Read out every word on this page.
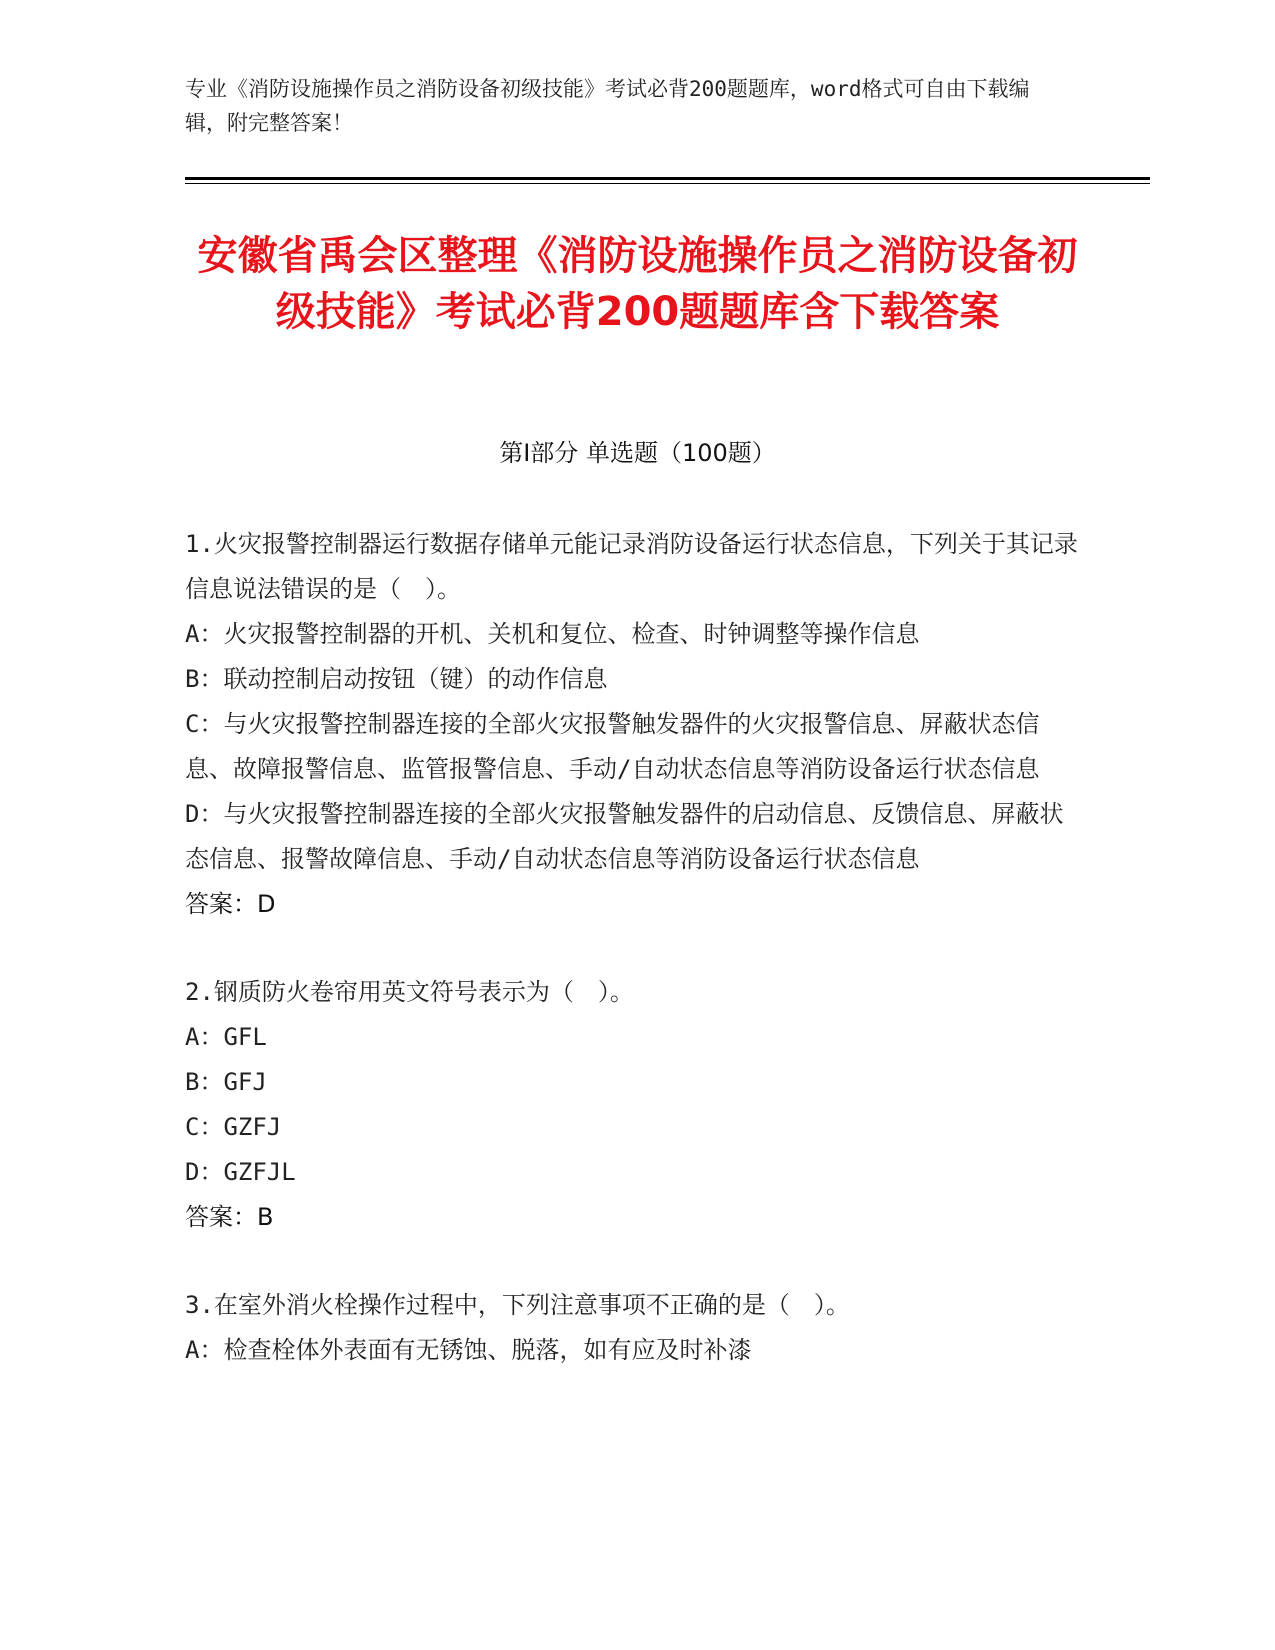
专业《消防设施操作员之消防设备初级技能》考试必背200题题库，word格式可自由下载编辑，附完整答案！
安徽省禹会区整理《消防设施操作员之消防设备初级技能》考试必背200题题库含下载答案
第Ⅰ部分 单选题（100题）

1.火灾报警控制器运行数据存储单元能记录消防设备运行状态信息，下列关于其记录信息说法错误的是（　）。

A：火灾报警控制器的开机、关机和复位、检查、时钟调整等操作信息

B：联动控制启动按钮（键）的动作信息

C：与火灾报警控制器连接的全部火灾报警触发器件的火灾报警信息、屏蔽状态信息、故障报警信息、监管报警信息、手动/自动状态信息等消防设备运行状态信息

D：与火灾报警控制器连接的全部火灾报警触发器件的启动信息、反馈信息、屏蔽状态信息、报警故障信息、手动/自动状态信息等消防设备运行状态信息

答案：D

2.钢质防火卷帘用英文符号表示为（　）。

A：GFL

B：GFJ

C：GZFJ

D：GZFJL

答案：B

3.在室外消火栓操作过程中，下列注意事项不正确的是（　）。

A：检查栓体外表面有无锈蚀、脱落，如有应及时补漆
